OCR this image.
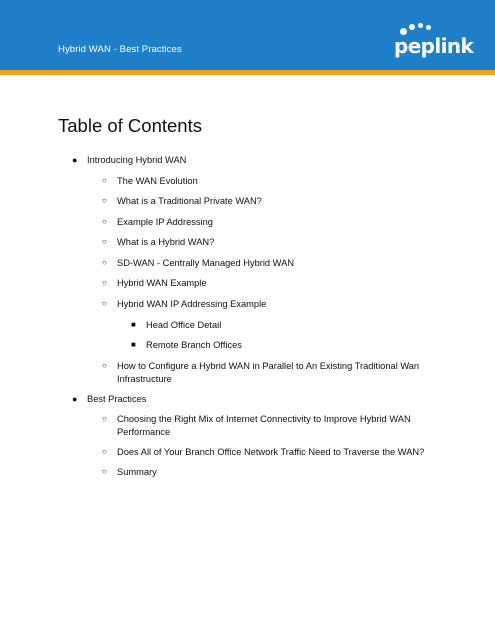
Hybrid WAN - Best Practices	peplink
Table of Contents
● Introducing Hybrid WAN
○ The WAN Evolution
○ What is a Traditional Private WAN?
○ Example IP Addressing
○ What is a Hybrid WAN?
○ SD-WAN - Centrally Managed Hybrid WAN
○ Hybrid WAN Example
○ Hybrid WAN IP Addressing Example
■ Head Office Detail
■ Remote Branch Offices
○ How to Configure a Hybrid WAN in Parallel to An Existing Traditional Wan
Infrastructure
● Best Practices
○ Choosing the Right Mix of Internet Connectivity to Improve Hybrid WAN
Performance
○ Does All of Your Branch Office Network Traffic Need to Traverse the WAN?
○ Summary
